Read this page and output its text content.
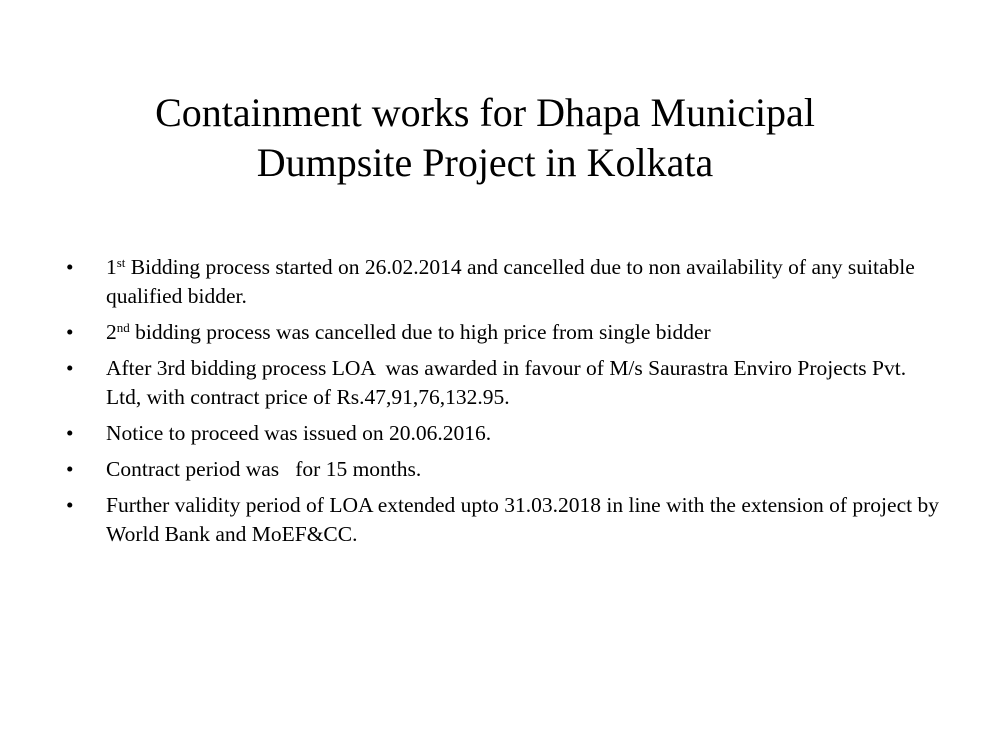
Containment works for Dhapa Municipal
Dumpsite Project in Kolkata
•	1st Bidding process started on 26.02.2014 and cancelled due to non availability of any suitable qualified bidder.
•	2nd bidding process was cancelled due to high price from single bidder
•	After 3rd bidding process LOA  was awarded in favour of M/s Saurastra Enviro Projects Pvt. Ltd, with contract price of Rs.47,91,76,132.95.
•	Notice to proceed was issued on 20.06.2016.
•	Contract period was   for 15 months.
•	Further validity period of LOA extended upto 31.03.2018 in line with the extension of project by World Bank and MoEF&CC.
